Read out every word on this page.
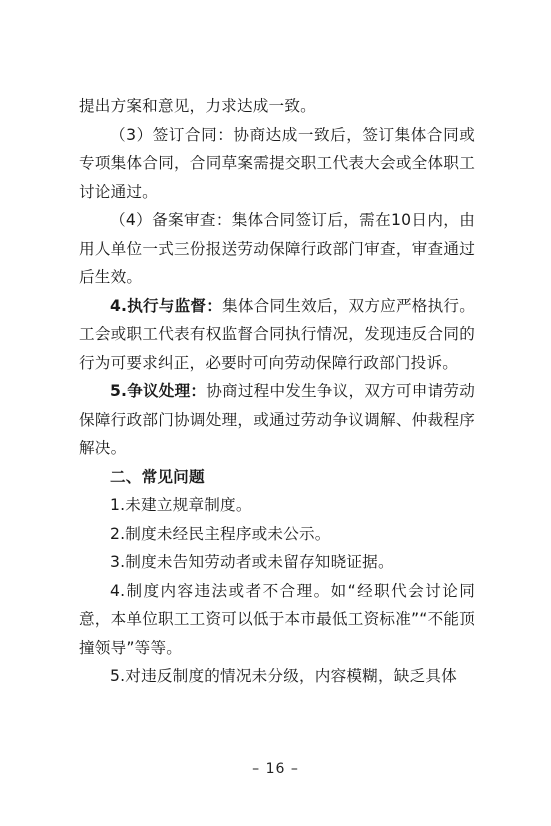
提出方案和意见，力求达成一致。

（3）签订合同：协商达成一致后，签订集体合同或专项集体合同，合同草案需提交职工代表大会或全体职工讨论通过。

（4）备案审查：集体合同签订后，需在10日内，由用人单位一式三份报送劳动保障行政部门审查，审查通过后生效。

4.执行与监督：集体合同生效后，双方应严格执行。工会或职工代表有权监督合同执行情况，发现违反合同的行为可要求纠正，必要时可向劳动保障行政部门投诉。

5.争议处理：协商过程中发生争议，双方可申请劳动保障行政部门协调处理，或通过劳动争议调解、仲裁程序解决。

二、常见问题

1.未建立规章制度。

2.制度未经民主程序或未公示。

3.制度未告知劳动者或未留存知晓证据。

4.制度内容违法或者不合理。如“经职代会讨论同意，本单位职工工资可以低于本市最低工资标准”“不能顶撞领导”等等。

5.对违反制度的情况未分级，内容模糊，缺乏具体

– 16 –
